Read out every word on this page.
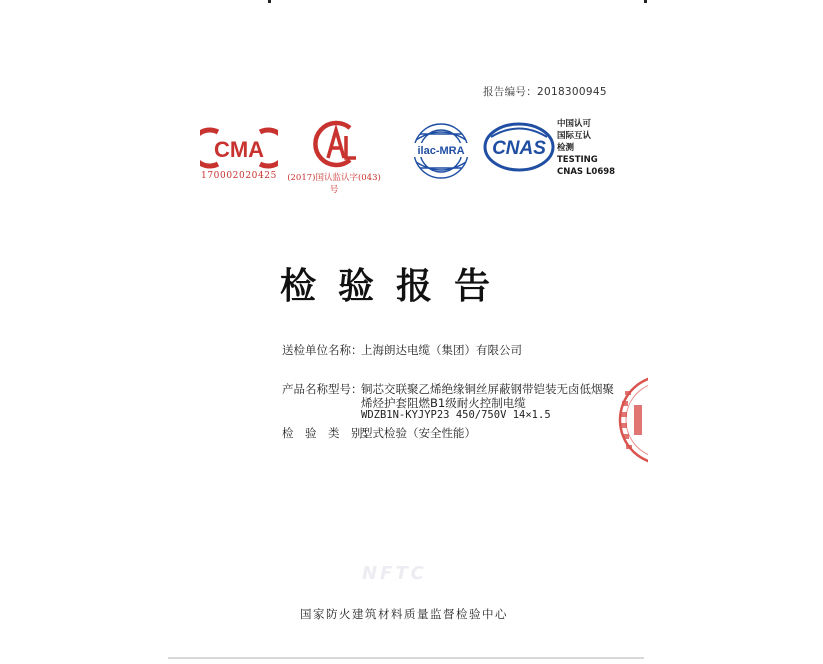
报告编号：2018300945
CMA
170002020425	(2017)国认监认字(043)号
ilac-MRA CNAS
中国认可
国际互认
检测
TESTING
CNAS L0698
检验报告
送检单位名称：
上海朗达电缆（集团）有限公司
产品名称型号：
铜芯交联聚乙烯绝缘铜丝屏蔽钢带铠装无卤低烟聚
烯烃护套阻燃B1级耐火控制电缆
WDZB1N-KYJYP23 450/750V 14×1.5
检　验　类　别：
型式检验（安全性能）
NFTC
国家防火建筑材料质量监督检验中心
